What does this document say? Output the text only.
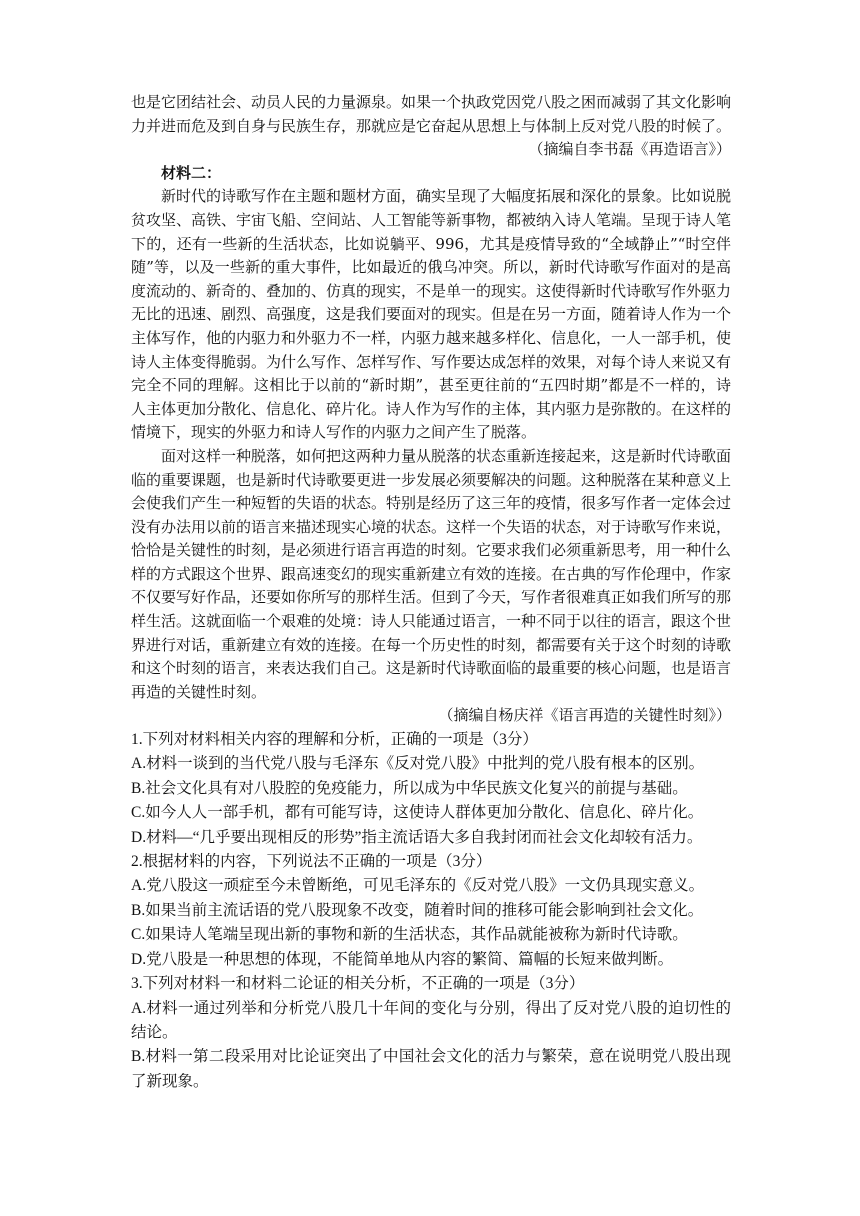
也是它团结社会、动员人民的力量源泉。如果一个执政党因党八股之困而减弱了其文化影响力并进而危及到自身与民族生存，那就应是它奋起从思想上与体制上反对党八股的时候了。

（摘编自李书磊《再造语言》）

材料二：

新时代的诗歌写作在主题和题材方面，确实呈现了大幅度拓展和深化的景象。比如说脱贫攻坚、高铁、宇宙飞船、空间站、人工智能等新事物，都被纳入诗人笔端。呈现于诗人笔下的，还有一些新的生活状态，比如说躺平、996，尤其是疫情导致的“全域静止”“时空伴随”等，以及一些新的重大事件，比如最近的俄乌冲突。所以，新时代诗歌写作面对的是高度流动的、新奇的、叠加的、仿真的现实，不是单一的现实。这使得新时代诗歌写作外驱力无比的迅速、剧烈、高强度，这是我们要面对的现实。但是在另一方面，随着诗人作为一个主体写作，他的内驱力和外驱力不一样，内驱力越来越多样化、信息化，一人一部手机，使诗人主体变得脆弱。为什么写作、怎样写作、写作要达成怎样的效果，对每个诗人来说又有完全不同的理解。这相比于以前的“新时期”，甚至更往前的“五四时期”都是不一样的，诗人主体更加分散化、信息化、碎片化。诗人作为写作的主体，其内驱力是弥散的。在这样的情境下，现实的外驱力和诗人写作的内驱力之间产生了脱落。

面对这样一种脱落，如何把这两种力量从脱落的状态重新连接起来，这是新时代诗歌面临的重要课题，也是新时代诗歌要更进一步发展必须要解决的问题。这种脱落在某种意义上会使我们产生一种短暂的失语的状态。特别是经历了这三年的疫情，很多写作者一定体会过没有办法用以前的语言来描述现实心境的状态。这样一个失语的状态，对于诗歌写作来说，恰恰是关键性的时刻，是必须进行语言再造的时刻。它要求我们必须重新思考，用一种什么样的方式跟这个世界、跟高速变幻的现实重新建立有效的连接。在古典的写作伦理中，作家不仅要写好作品，还要如你所写的那样生活。但到了今天，写作者很难真正如我们所写的那样生活。这就面临一个艰难的处境：诗人只能通过语言，一种不同于以往的语言，跟这个世界进行对话，重新建立有效的连接。在每一个历史性的时刻，都需要有关于这个时刻的诗歌和这个时刻的语言，来表达我们自己。这是新时代诗歌面临的最重要的核心问题，也是语言再造的关键性时刻。

（摘编自杨庆祥《语言再造的关键性时刻》）

1.下列对材料相关内容的理解和分析，正确的一项是（3分）

A.材料一谈到的当代党八股与毛泽东《反对党八股》中批判的党八股有根本的区别。

B.社会文化具有对八股腔的免疫能力，所以成为中华民族文化复兴的前提与基础。

C.如今人人一部手机，都有可能写诗，这使诗人群体更加分散化、信息化、碎片化。

D.材料—“几乎要出现相反的形势”指主流话语大多自我封闭而社会文化却较有活力。

2.根据材料的内容，下列说法不正确的一项是（3分）

A.党八股这一顽症至今未曾断绝，可见毛泽东的《反对党八股》一文仍具现实意义。

B.如果当前主流话语的党八股现象不改变，随着时间的推移可能会影响到社会文化。

C.如果诗人笔端呈现出新的事物和新的生活状态，其作品就能被称为新时代诗歌。

D.党八股是一种思想的体现，不能简单地从内容的繁简、篇幅的长短来做判断。

3.下列对材料一和材料二论证的相关分析，不正确的一项是（3分）

A.材料一通过列举和分析党八股几十年间的变化与分别，得出了反对党八股的迫切性的结论。

B.材料一第二段采用对比论证突出了中国社会文化的活力与繁荣，意在说明党八股出现了新现象。
